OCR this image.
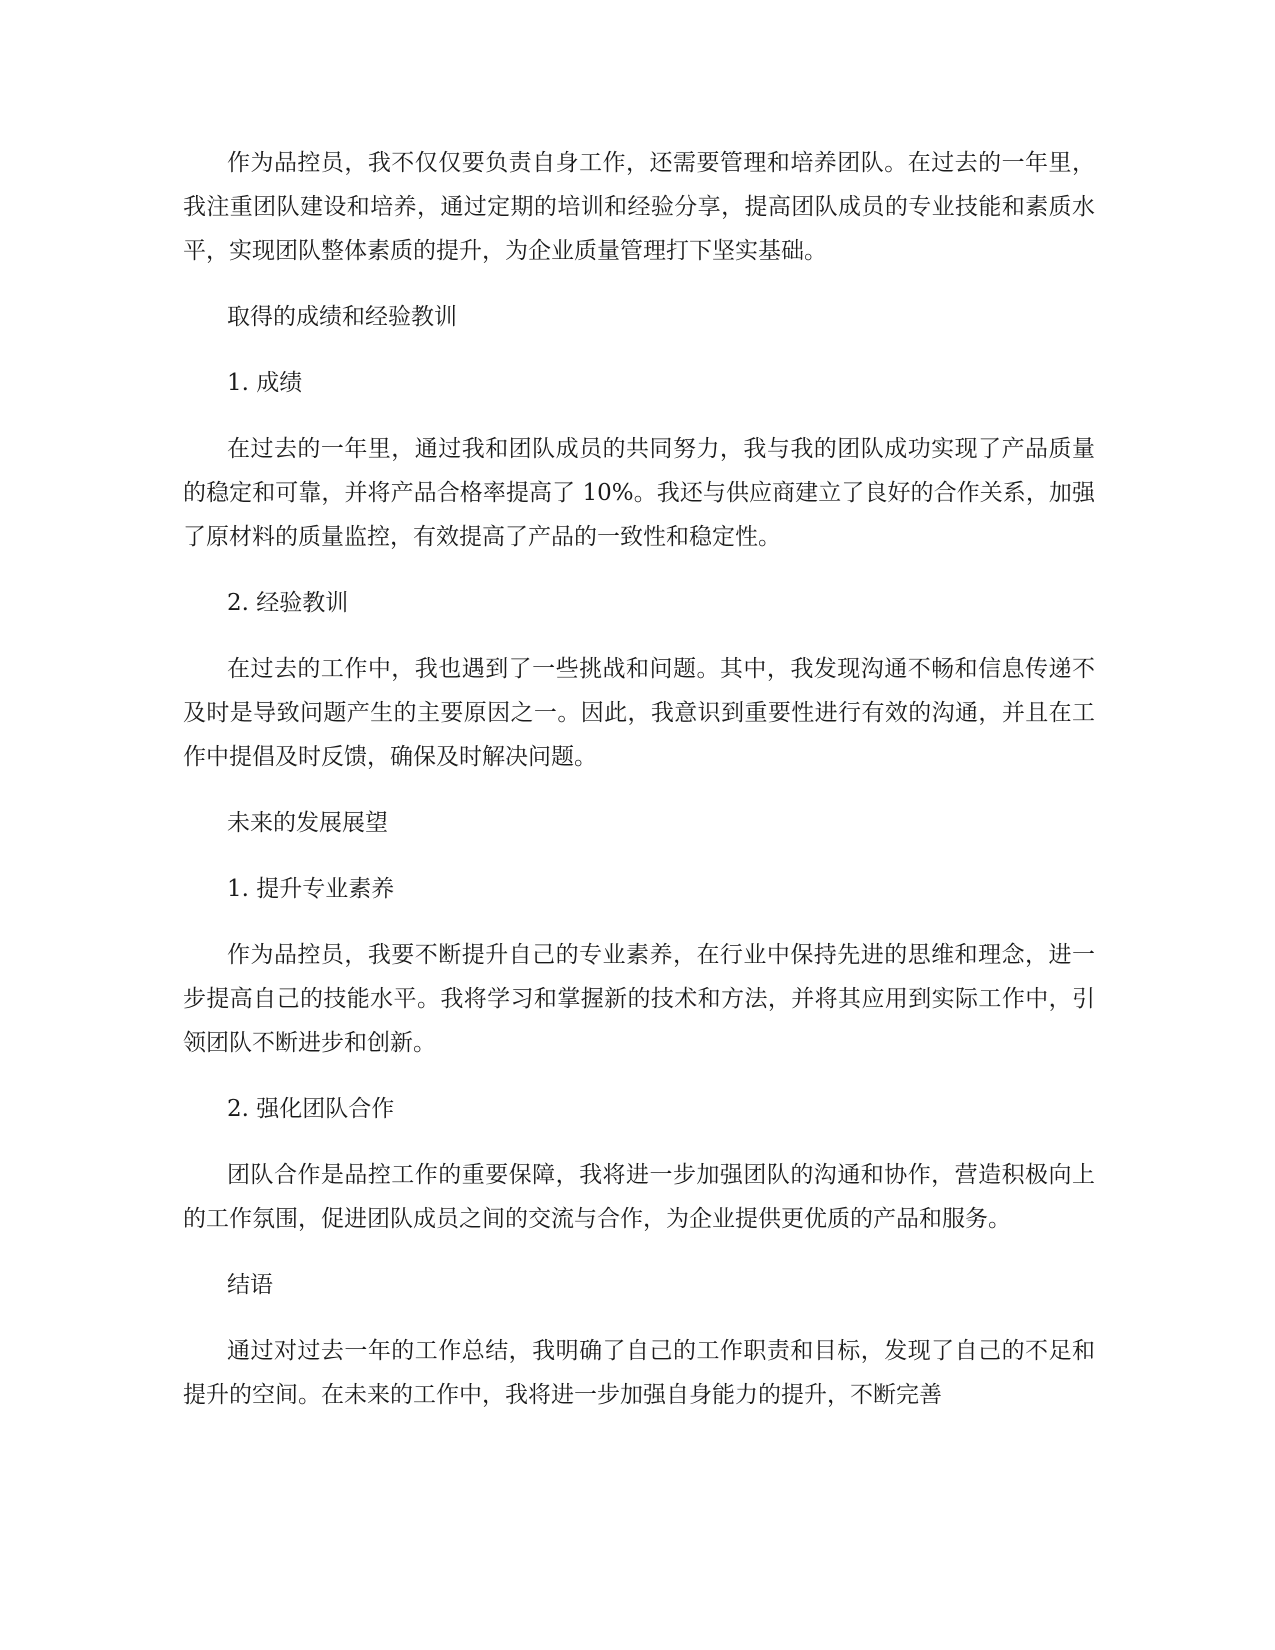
作为品控员，我不仅仅要负责自身工作，还需要管理和培养团队。在过去的一年里，我注重团队建设和培养，通过定期的培训和经验分享，提高团队成员的专业技能和素质水平，实现团队整体素质的提升，为企业质量管理打下坚实基础。

取得的成绩和经验教训

1. 成绩

在过去的一年里，通过我和团队成员的共同努力，我与我的团队成功实现了产品质量的稳定和可靠，并将产品合格率提高了 10%。我还与供应商建立了良好的合作关系，加强了原材料的质量监控，有效提高了产品的一致性和稳定性。

2. 经验教训

在过去的工作中，我也遇到了一些挑战和问题。其中，我发现沟通不畅和信息传递不及时是导致问题产生的主要原因之一。因此，我意识到重要性进行有效的沟通，并且在工作中提倡及时反馈，确保及时解决问题。

未来的发展展望

1. 提升专业素养

作为品控员，我要不断提升自己的专业素养，在行业中保持先进的思维和理念，进一步提高自己的技能水平。我将学习和掌握新的技术和方法，并将其应用到实际工作中，引领团队不断进步和创新。

2. 强化团队合作

团队合作是品控工作的重要保障，我将进一步加强团队的沟通和协作，营造积极向上的工作氛围，促进团队成员之间的交流与合作，为企业提供更优质的产品和服务。

结语

通过对过去一年的工作总结，我明确了自己的工作职责和目标，发现了自己的不足和提升的空间。在未来的工作中，我将进一步加强自身能力的提升，不断完善
